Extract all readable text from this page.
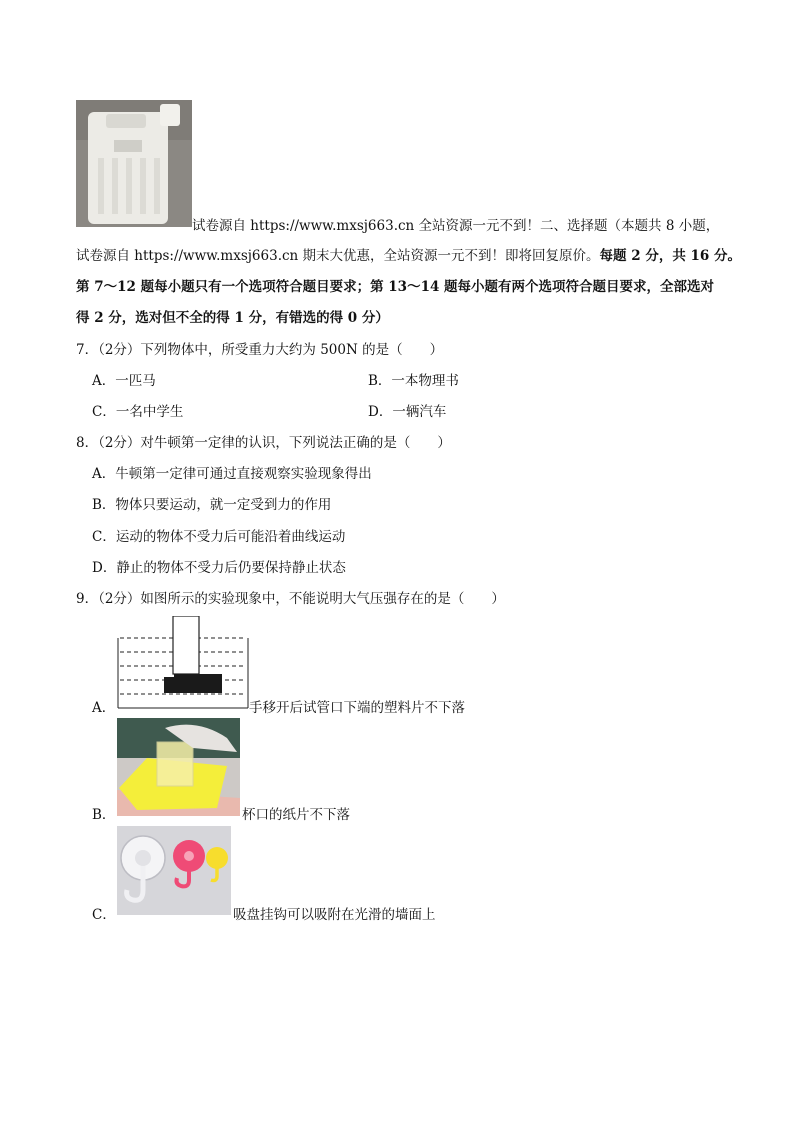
试卷源自 https://www.mxsj663.cn 全站资源一元不到！二、选择题（本题共 8 小题，
试卷源自 https://www.mxsj663.cn 期末大优惠，全站资源一元不到！即将回复原价。每题 2 分，共 16 分。
第 7～12 题每小题只有一个选项符合题目要求；第 13～14 题每小题有两个选项符合题目要求，全部选对
得 2 分，选对但不全的得 1 分，有错选的得 0 分）
7．（2分）下列物体中，所受重力大约为 500N 的是（　　）
A．一匹马	B．一本物理书
C．一名中学生	D．一辆汽车
8．（2分）对牛顿第一定律的认识，下列说法正确的是（　　）
A．牛顿第一定律可通过直接观察实验现象得出
B．物体只要运动，就一定受到力的作用
C．运动的物体不受力后可能沿着曲线运动
D．静止的物体不受力后仍要保持静止状态
9．（2分）如图所示的实验现象中，不能说明大气压强存在的是（　　）
A．	手移开后试管口下端的塑料片不下落
B．	杯口的纸片不下落
C．	吸盘挂钩可以吸附在光滑的墙面上
